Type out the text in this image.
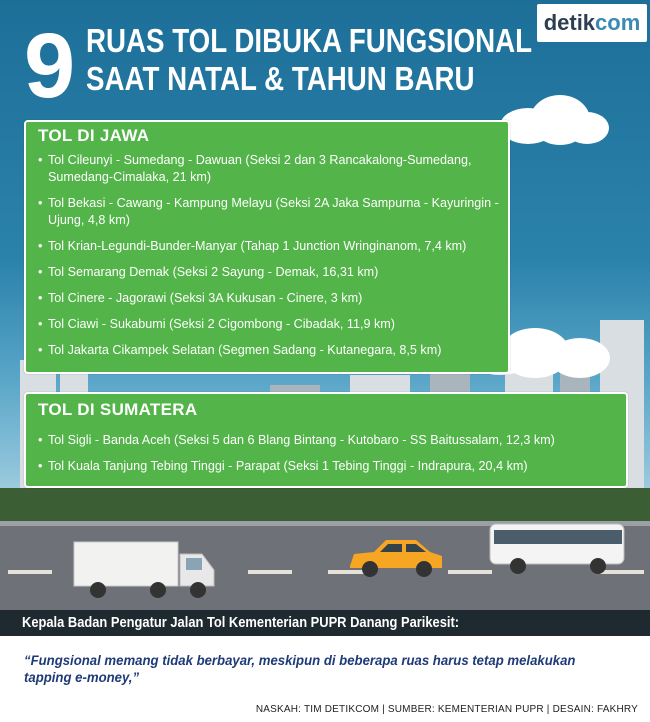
9 RUAS TOL DIBUKA FUNGSIONAL
SAAT NATAL & TAHUN BARU
detikcom
TOL DI JAWA
• Tol Cileunyi - Sumedang - Dawuan (Seksi 2 dan 3 Rancakalong-Sumedang, Sumedang-Cimalaka, 21 km)
• Tol Bekasi - Cawang - Kampung Melayu (Seksi 2A Jaka Sampurna - Kayuringin - Ujung, 4,8 km)
• Tol Krian-Legundi-Bunder-Manyar (Tahap 1 Junction Wringinanom, 7,4 km)
• Tol Semarang Demak (Seksi 2 Sayung - Demak, 16,31 km)
• Tol Cinere - Jagorawi (Seksi 3A Kukusan - Cinere, 3 km)
• Tol Ciawi - Sukabumi (Seksi 2 Cigombong - Cibadak, 11,9 km)
• Tol Jakarta Cikampek Selatan (Segmen Sadang - Kutanegara, 8,5 km)
TOL DI SUMATERA
• Tol Sigli - Banda Aceh (Seksi 5 dan 6 Blang Bintang - Kutobaro - SS Baitussalam, 12,3 km)
• Tol Kuala Tanjung Tebing Tinggi - Parapat (Seksi 1 Tebing Tinggi - Indrapura, 20,4 km)
Kepala Badan Pengatur Jalan Tol Kementerian PUPR Danang Parikesit:
“Fungsional memang tidak berbayar, meskipun di beberapa ruas harus tetap melakukan tapping e-money,”
NASKAH: TIM DETIKCOM | SUMBER: KEMENTERIAN PUPR | DESAIN: FAKHRY
